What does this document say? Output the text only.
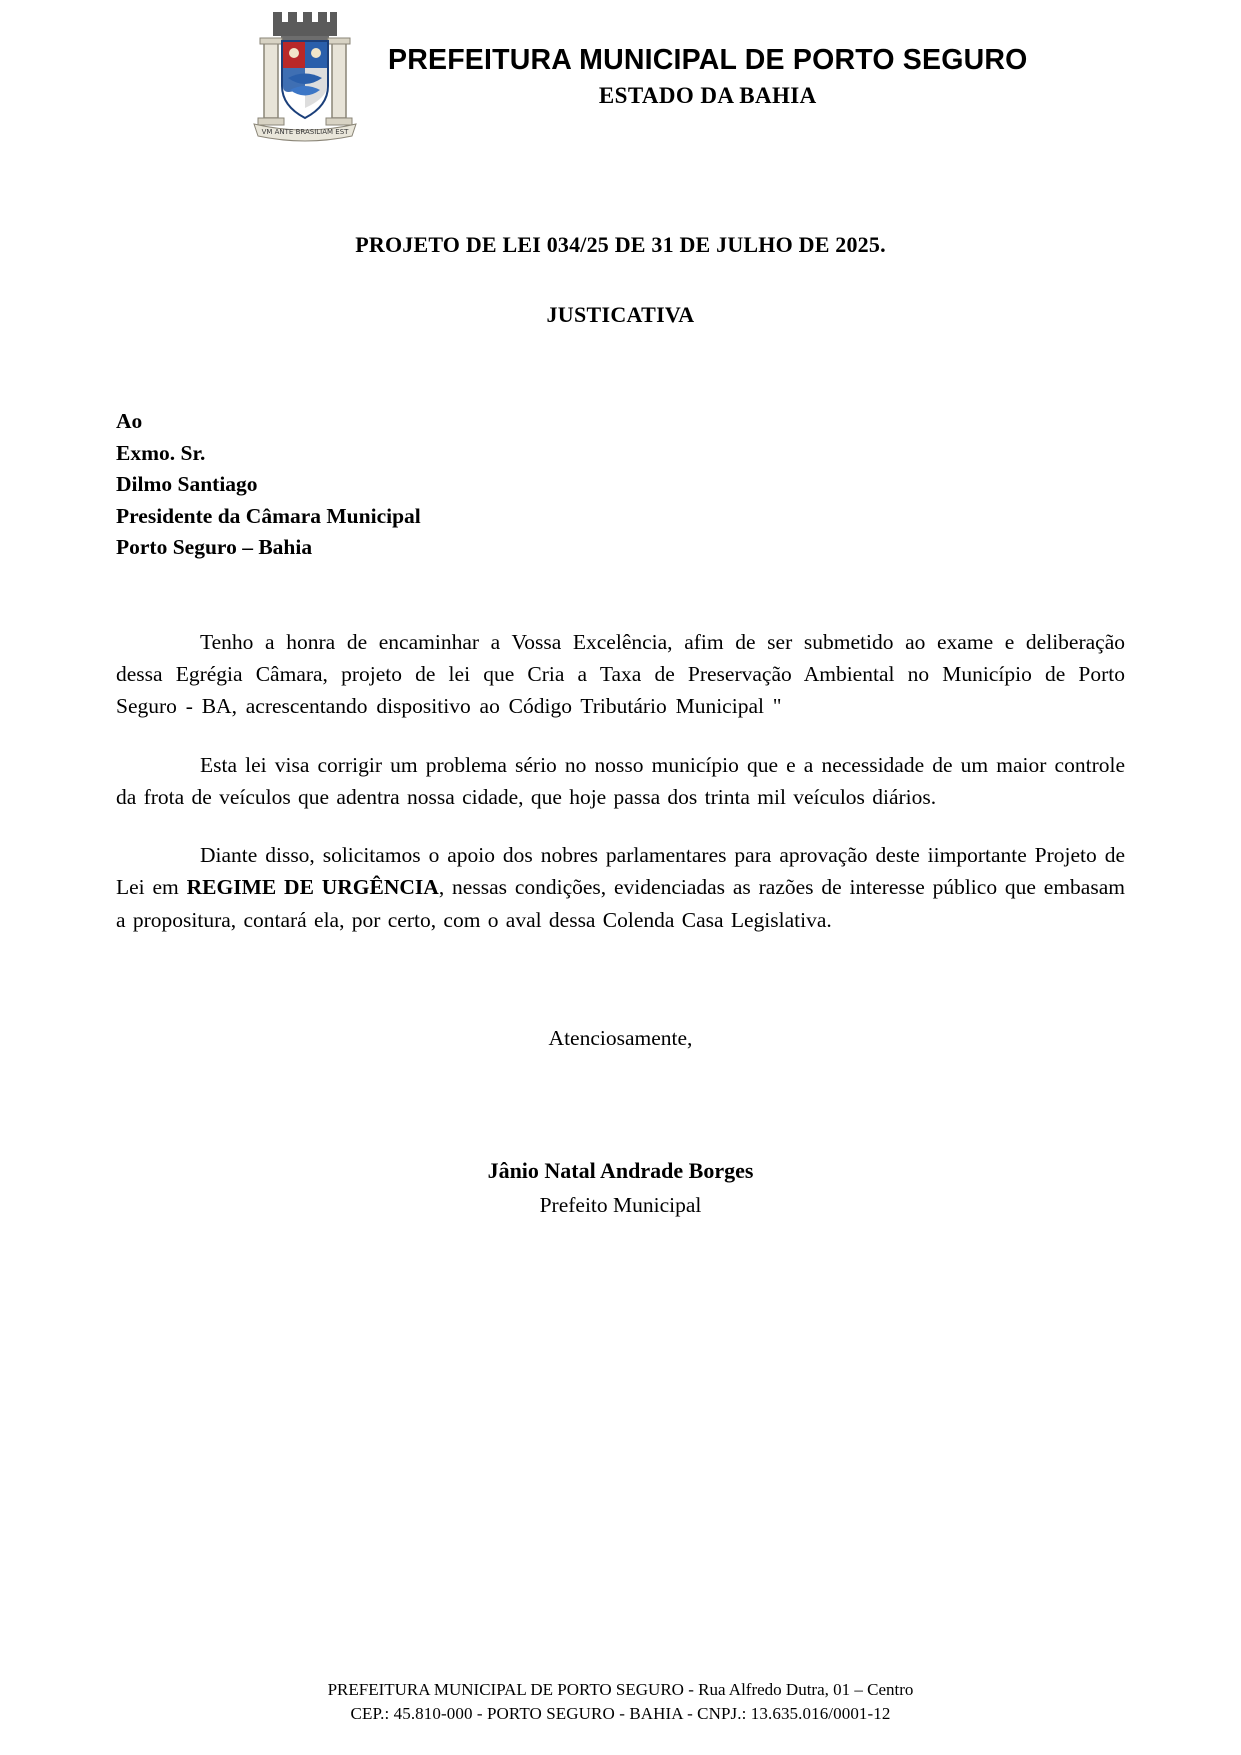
VM ANTE BRASILIAM EST
PREFEITURA MUNICIPAL DE PORTO SEGURO
ESTADO DA BAHIA
PROJETO DE LEI 034/25 DE 31 DE JULHO DE 2025.
JUSTICATIVA
Ao
Exmo. Sr.
Dilmo Santiago
Presidente da Câmara Municipal
Porto Seguro – Bahia

Tenho a honra de encaminhar a Vossa Excelência, afim de ser submetido ao exame e deliberação dessa Egrégia Câmara, projeto de lei que Cria a Taxa de Preservação Ambiental no Município de Porto Seguro - BA, acrescentando dispositivo ao Código Tributário Municipal "

Esta lei visa corrigir um problema sério no nosso município que e a necessidade de um maior controle da frota de veículos que adentra nossa cidade, que hoje passa dos trinta mil veículos diários.

Diante disso, solicitamos o apoio dos nobres parlamentares para aprovação deste iimportante Projeto de Lei em REGIME DE URGÊNCIA, nessas condições, evidenciadas as razões de interesse público que embasam a propositura, contará ela, por certo, com o aval dessa Colenda Casa Legislativa.

Atenciosamente,
Jânio Natal Andrade Borges
Prefeito Municipal
PREFEITURA MUNICIPAL DE PORTO SEGURO - Rua Alfredo Dutra, 01 – Centro
CEP.: 45.810-000 - PORTO SEGURO - BAHIA - CNPJ.: 13.635.016/0001-12
